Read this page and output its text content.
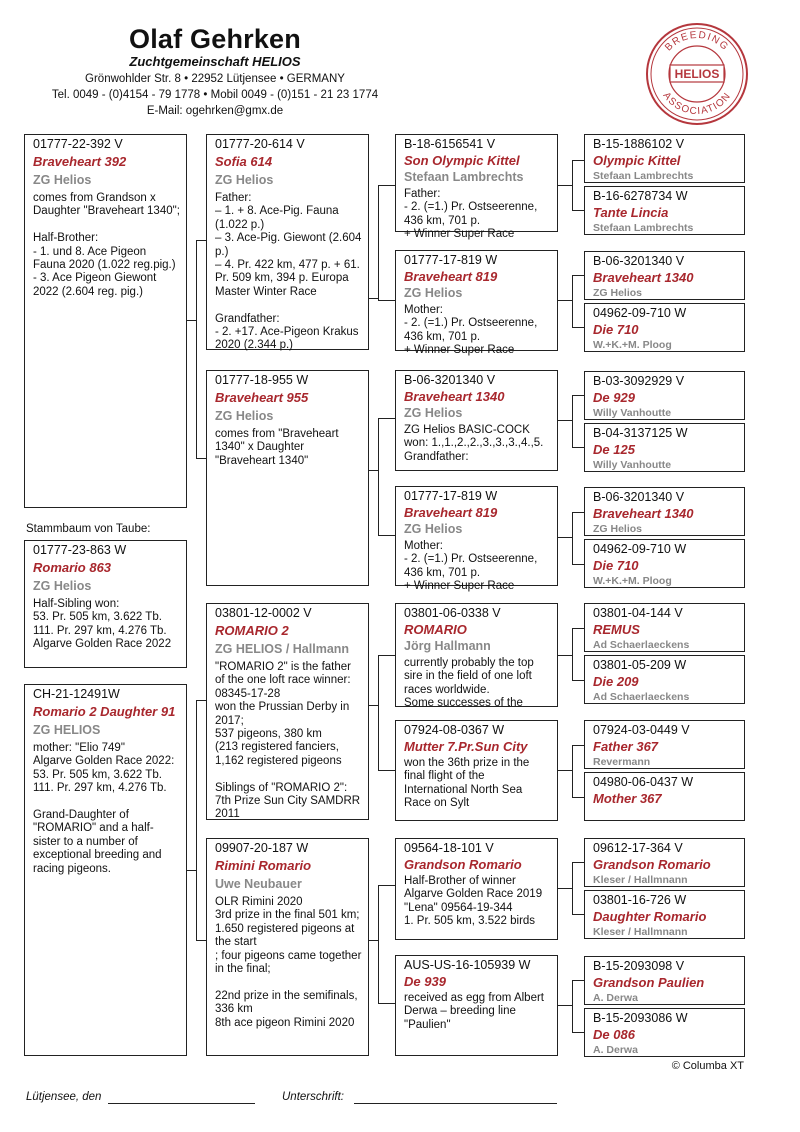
Olaf Gehrken
Zuchtgemeinschaft HELIOS
Grönwohlder Str. 8 • 22952 Lütjensee • GERMANY
Tel. 0049 - (0)4154 - 79 1778 • Mobil 0049 - (0)151 - 21 23 1774
E-Mail: ogehrken@gmx.de
BREEDING
ASSOCIATION
HELIOS
01777-22-392 V
Braveheart 392
ZG Helios
comes from Grandson x Daughter "Braveheart 1340";

Half-Brother:
- 1. und 8. Ace Pigeon Fauna 2020 (1.022 reg.pig.)
- 3. Ace Pigeon Giewont 2022 (2.604 reg. pig.)
Stammbaum von Taube:
01777-23-863 W
Romario 863
ZG Helios
Half-Sibling won:
53. Pr. 505 km, 3.622 Tb.
111. Pr. 297 km, 4.276 Tb.
Algarve Golden Race 2022
CH-21-12491W
Romario 2 Daughter 91
ZG HELIOS
mother: "Elio 749"
Algarve Golden Race 2022:
53. Pr. 505 km, 3.622 Tb.
111. Pr. 297 km, 4.276 Tb.

Grand-Daughter of "ROMARIO" and a half-sister to a number of exceptional breeding and racing pigeons.
01777-20-614 V
Sofia 614
ZG Helios
Father:
– 1. + 8. Ace-Pig. Fauna (1.022 p.)
– 3. Ace-Pig. Giewont (2.604 p.)
– 4. Pr. 422 km, 477 p. + 61. Pr. 509 km, 394 p. Europa Master Winter Race

Grandfather:
- 2. +17. Ace-Pigeon Krakus 2020 (2.344 p.)
01777-18-955 W
Braveheart 955
ZG Helios
comes from "Braveheart 1340" x Daughter "Braveheart 1340"
03801-12-0002 V
ROMARIO 2
ZG HELIOS / Hallmann
"ROMARIO 2" is the father of the one loft race winner: 08345-17-28
won the Prussian Derby in 2017;
537 pigeons, 380 km
(213 registered fanciers, 1,162 registered pigeons

Siblings of "ROMARIO 2":
7th Prize Sun City SAMDRR 2011
09907-20-187 W
Rimini Romario
Uwe Neubauer
OLR Rimini 2020
3rd prize in the final 501 km; 1.650 registered pigeons at the start
; four pigeons came together in the final;

22nd prize in the semifinals, 336 km
8th ace pigeon Rimini 2020
B-18-6156541 V
Son Olympic Kittel
Stefaan Lambrechts
Father:
- 2. (=1.) Pr. Ostseerenne, 436 km, 701 p.
+ Winner Super Race
01777-17-819 W
Braveheart 819
ZG Helios
Mother:
- 2. (=1.) Pr. Ostseerenne, 436 km, 701 p.
+ Winner Super Race
B-06-3201340 V
Braveheart 1340
ZG Helios
ZG Helios BASIC-COCK
won: 1.,1.,2.,2.,3.,3.,3.,4.,5.
Grandfather:
01777-17-819 W
Braveheart 819
ZG Helios
Mother:
- 2. (=1.) Pr. Ostseerenne, 436 km, 701 p.
+ Winner Super Race
03801-06-0338 V
ROMARIO
Jörg Hallmann
currently probably the top sire in the field of one loft races worldwide.
Some successes of the
07924-08-0367 W
Mutter 7.Pr.Sun City
won the 36th prize in the final flight of the International North Sea Race on Sylt
09564-18-101 V
Grandson Romario
Half-Brother of winner Algarve Golden Race 2019 "Lena" 09564-19-344
1. Pr. 505 km, 3.522 birds
AUS-US-16-105939 W
De 939
received as egg from Albert Derwa – breeding line "Paulien"
B-15-1886102 V
Olympic Kittel
Stefaan Lambrechts
B-16-6278734 W
Tante Lincia
Stefaan Lambrechts
B-06-3201340 V
Braveheart 1340
ZG Helios
04962-09-710 W
Die 710
W.+K.+M. Ploog
B-03-3092929 V
De 929
Willy Vanhoutte
B-04-3137125 W
De 125
Willy Vanhoutte
B-06-3201340 V
Braveheart 1340
ZG Helios
04962-09-710 W
Die 710
W.+K.+M. Ploog
03801-04-144 V
REMUS
Ad Schaerlaeckens
03801-05-209 W
Die 209
Ad Schaerlaeckens
07924-03-0449 V
Father 367
Revermann
04980-06-0437 W
Mother 367
09612-17-364 V
Grandson Romario
Kleser / Hallmnann
03801-16-726 W
Daughter Romario
Kleser / Hallmnann
B-15-2093098 V
Grandson Paulien
A. Derwa
B-15-2093086 W
De 086
A. Derwa
© Columba XT
Lütjensee, den	Unterschrift:
